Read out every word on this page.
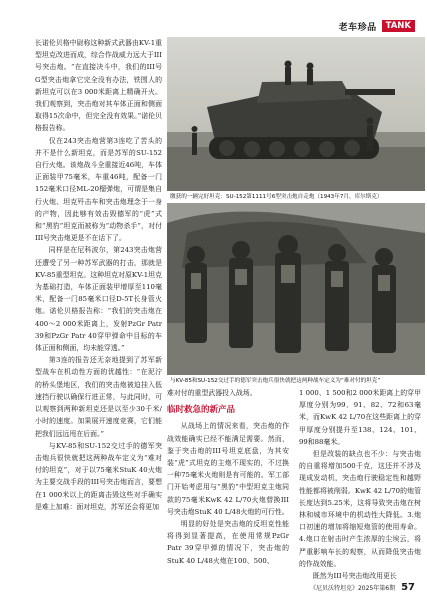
老车珍品	TANK
缴获的一辆完好坦克：SU-152第1111号6型突击炮自走炮（1943年7月，库尔斯克）
与KV-85和SU-152交过手的德军突击炮兵很快就把这两种战车定义为“难对付的坦克”

长诺伦贝格中尉称这种新式武器由KV-1重型坦克改进而成，综合作战威力远大于III号突击炮。“在直接决斗中，我们的III号G型突击炮拿它完全没有办法，铁围人的新坦克可以在3 000米距离上精确开火。我们观察到，突击炮对其车体正面和侧面取得15次命中，但完全没有效果。”诺伦贝格报告称。

仅在243突击炮营第3连吃了苦头的并不是什么新坦克，而是苏军的SU-152自行火炮。该炮战斗全重接近46吨，车体正面装甲75毫米，车重46吨，配备一门152毫米口径ML-20榴弹炮，可谓是集自行火炮、坦克歼击车和突击炮理念于一身的产物，因此够有效击毁德军的“虎”式和“黑豹”坦克而被称为“动物杀手”，对付III号突击炮更是不在话下了。

同样是在尼科波尔，第243突击炮营还遭受了另一种苏军武器的打击，那就是KV-85重型坦克。这种坦克对原KV-1坦克为基础打造，车体正面装甲增厚至110毫米，配备一门85毫米口径D-5T长身管火炮。诺伦贝格报告称：“我们的突击炮在400～2 000米距离上，发射PzGr Patr 39和PzGr Patr 40穿甲弹命中目标的车体正面和侧面，均未能穿透。”

第3连的报告还无奈地提到了苏军新型战车在机动性方面的优越性：“在泥泞的桥头堡地区，我们的突击炮被迫挂入低速挡行驶以确保行进正常，与此同时，可以观察到两种新坦克还是以至少30千米/小时的速度。加果展开速度竞赛，它们能把我们远远甩在后面。”

与KV-85和SU-152交过手的德军突击炮兵很快就把这两种战车定义为“难对付的坦克”，对于以75毫米StuK 40火炮为主要交战手段的III号突击炮而言，要想在1 000米以上的距离击毁这些对手确实是难上加难：面对坦克，苏军还会将更加

难对付的重型武器投入战场。

临时救急的新产品

从战场上的情况来看，突击炮的作战效能确实已经不能满足需要。然而，鉴于突击炮的III号坦克底盘，为其安装“虎”式坦克的主炮不现实的，不过换一种75毫米火炮则是有可能的。军工部门开始考虑用与“黑豹”中型坦克主炮同款的75毫米KwK 42 L/70火炮替换III号突击炮StuK 40 L/48火炮的可行性。

明显的好处是突击炮的反坦克性能将得到显著提高，在使用常规PzGr Patr 39穿甲弹的情况下，突击炮的StuK 40 L/48火炮在100、500、

1 000、1 500和2 000米距离上的穿甲厚度分别为99、91、82、72和63毫米，而KwK 42 L/70在这些距离上的穿甲厚度分别提升至138、124、101、99和88毫米。

但是改装的缺点也不少：与突击炮的自重将增加500千克，这还并不涉及现成发动机，突击炮行驶稳定性和越野性能都将被削弱。KwK 42 L/70的炮管长度达到5.25米，这将导致突击炮在树林和城市环境中的机动性大降低。3.炮口初速的增加将缩短炮管的使用寿命。4.炮口在射击时产生浓厚的尘埃云，将严重影响车长的观察，从而降低突击炮的作战效能。

既然为III号突击炮改用更长

《尼贝沃特坦克》2025年第6期 57
